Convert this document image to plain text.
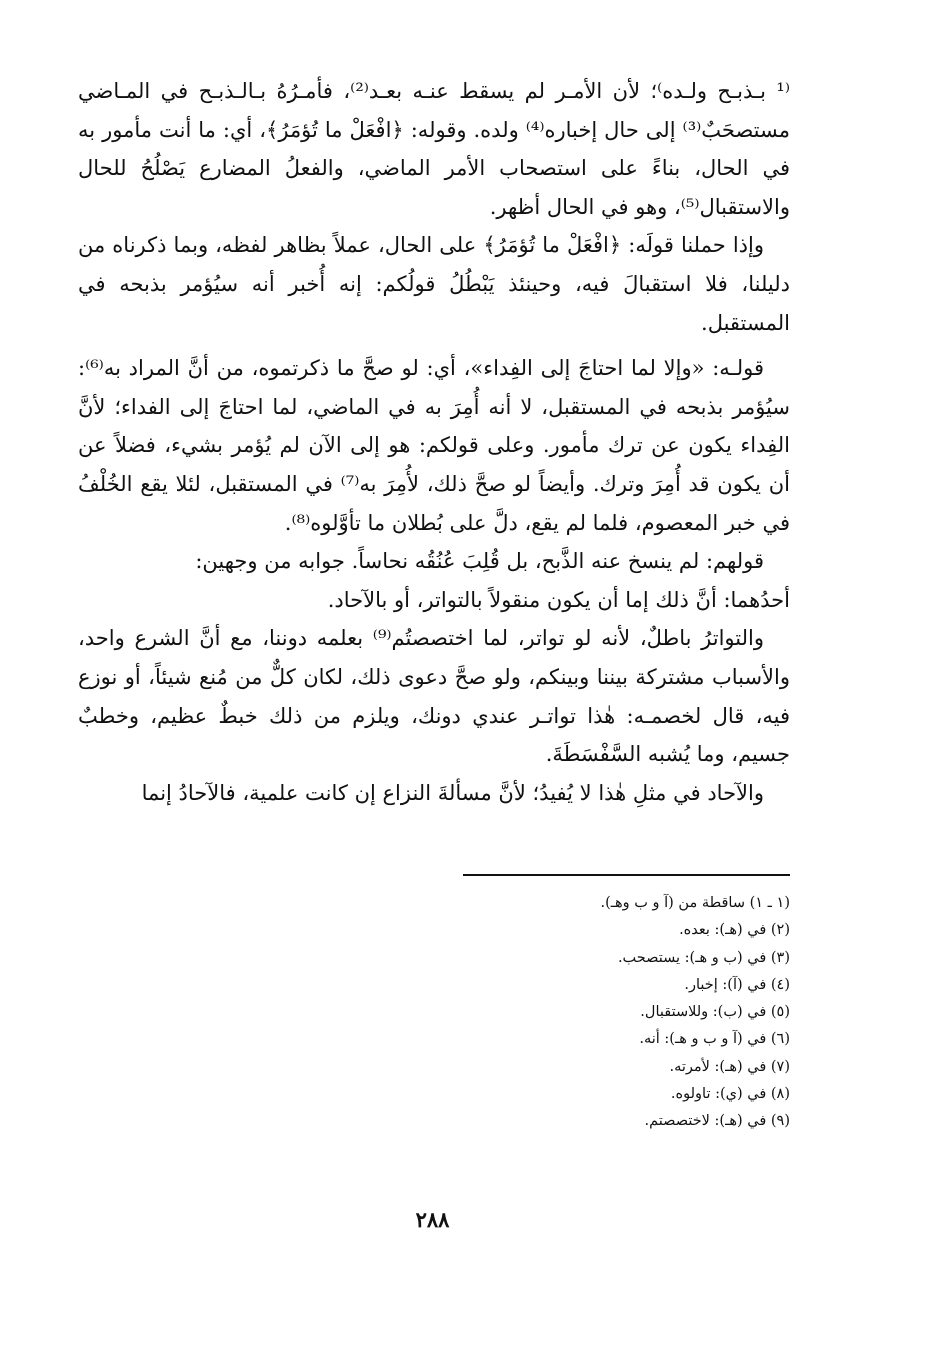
⁽¹ بـذبـح ولـده⁾؛ لأن الأمـر لم يسقط عنـه بعـد⁽²⁾، فأمـرُهُ بـالـذبـح في المـاضي مستصحَبٌ⁽³⁾ إلى حال إخباره⁽⁴⁾ ولده. وقوله: ﴿افْعَلْ ما تُؤمَرُ﴾، أي: ما أنت مأمور به في الحال، بناءً على استصحاب الأمر الماضي، والفعلُ المضارع يَصْلُحُ للحال والاستقبال⁽⁵⁾، وهو في الحال أظهر.

وإذا حملنا قولَه: ﴿افْعَلْ ما تُؤمَرُ﴾ على الحال، عملاً بظاهر لفظه، وبما ذكرناه من دليلنا، فلا استقبالَ فيه، وحينئذ يَبْطُلُ قولُكم: إنه أُخبر أنه سيُؤمر بذبحه في المستقبل.

قولـه: «وإلا لما احتاجَ إلى الفِداء»، أي: لو صحَّ ما ذكرتموه، من أنَّ المراد به⁽⁶⁾: سيُؤمر بذبحه في المستقبل، لا أنه أُمِرَ به في الماضي، لما احتاجَ إلى الفداء؛ لأنَّ الفِداء يكون عن ترك مأمور. وعلى قولكم: هو إلى الآن لم يُؤمر بشيء، فضلاً عن أن يكون قد أُمِرَ وترك. وأيضاً لو صحَّ ذلك، لأُمِرَ به⁽⁷⁾ في المستقبل، لئلا يقع الخُلْفُ في خبر المعصوم، فلما لم يقع، دلَّ على بُطلان ما تأوَّلوه⁽⁸⁾.

قولهم: لم ينسخ عنه الذَّبح، بل قُلِبَ عُنُقُه نحاساً. جوابه من وجهين:

أحدُهما: أنَّ ذلك إما أن يكون منقولاً بالتواتر، أو بالآحاد.

والتواترُ باطلٌ، لأنه لو تواتر، لما اختصصتُم⁽⁹⁾ بعلمه دوننا، مع أنَّ الشرع واحد، والأسباب مشتركة بيننا وبينكم، ولو صحَّ دعوى ذلك، لكان كلٌّ من مُنع شيئاً، أو نوزع فيه، قال لخصمـه: هٰذا تواتـر عندي دونك، ويلزم من ذلك خبطٌ عظيم، وخطبٌ جسيم، وما يُشبه السَّفْسَطَةَ.

والآحاد في مثلِ هٰذا لا يُفيدُ؛ لأنَّ مسألةَ النزاع إن كانت علمية، فالآحادُ إنما

(١ ـ ١) ساقطة من (آ و ب وهـ).
(٢) في (هـ): بعده.
(٣) في (ب و هـ): يستصحب.
(٤) في (آ): إخبار.
(٥) في (ب): وللاستقبال.
(٦) في (آ و ب و هـ): أنه.
(٧) في (هـ): لأمرته.
(٨) في (ي): تاولوه.
(٩) في (هـ): لاختصصتم.
٢٨٨
